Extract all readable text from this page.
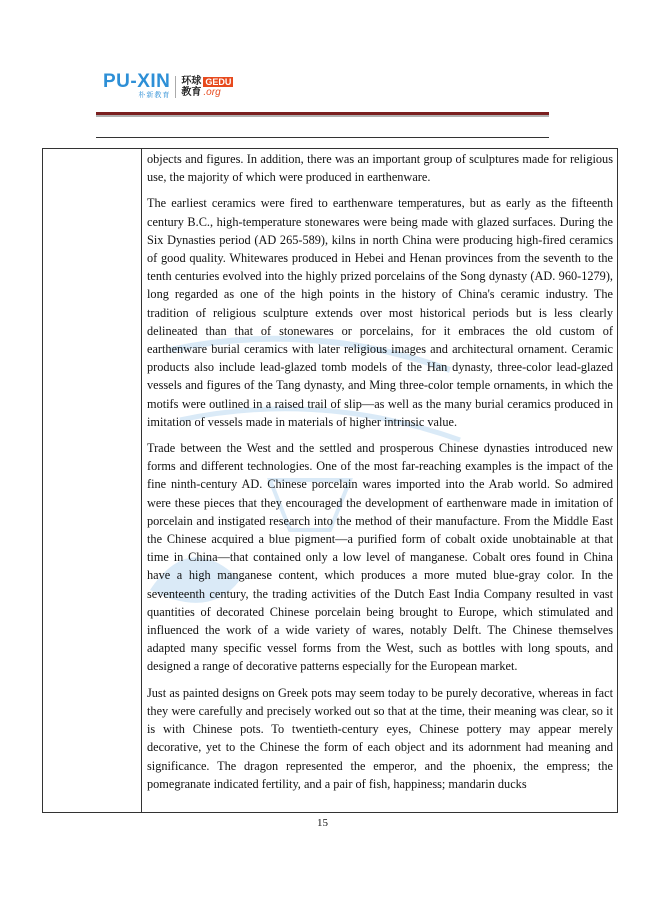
PU-XIN
朴新教育
环球 GEDU
教育 .org

objects and figures. In addition, there was an important group of sculptures made for religious use, the majority of which were produced in earthenware.

The earliest ceramics were fired to earthenware temperatures, but as early as the fifteenth century B.C., high-temperature stonewares were being made with glazed surfaces. During the Six Dynasties period (AD 265-589), kilns in north China were producing high-fired ceramics of good quality. Whitewares produced in Hebei and Henan provinces from the seventh to the tenth centuries evolved into the highly prized porcelains of the Song dynasty (AD. 960-1279), long regarded as one of the high points in the history of China's ceramic industry. The tradition of religious sculpture extends over most historical periods but is less clearly delineated than that of stonewares or porcelains, for it embraces the old custom of earthenware burial ceramics with later religious images and architectural ornament. Ceramic products also include lead-glazed tomb models of the Han dynasty, three-color lead-glazed vessels and figures of the Tang dynasty, and Ming three-color temple ornaments, in which the motifs were outlined in a raised trail of slip—as well as the many burial ceramics produced in imitation of vessels made in materials of higher intrinsic value.

Trade between the West and the settled and prosperous Chinese dynasties introduced new forms and different technologies. One of the most far-reaching examples is the impact of the fine ninth-century AD. Chinese porcelain wares imported into the Arab world. So admired were these pieces that they encouraged the development of earthenware made in imitation of porcelain and instigated research into the method of their manufacture. From the Middle East the Chinese acquired a blue pigment—a purified form of cobalt oxide unobtainable at that time in China—that contained only a low level of manganese. Cobalt ores found in China have a high manganese content, which produces a more muted blue-gray color. In the seventeenth century, the trading activities of the Dutch East India Company resulted in vast quantities of decorated Chinese porcelain being brought to Europe, which stimulated and influenced the work of a wide variety of wares, notably Delft. The Chinese themselves adapted many specific vessel forms from the West, such as bottles with long spouts, and designed a range of decorative patterns especially for the European market.

Just as painted designs on Greek pots may seem today to be purely decorative, whereas in fact they were carefully and precisely worked out so that at the time, their meaning was clear, so it is with Chinese pots. To twentieth-century eyes, Chinese pottery may appear merely decorative, yet to the Chinese the form of each object and its adornment had meaning and significance. The dragon represented the emperor, and the phoenix, the empress; the pomegranate indicated fertility, and a pair of fish, happiness; mandarin ducks

15
